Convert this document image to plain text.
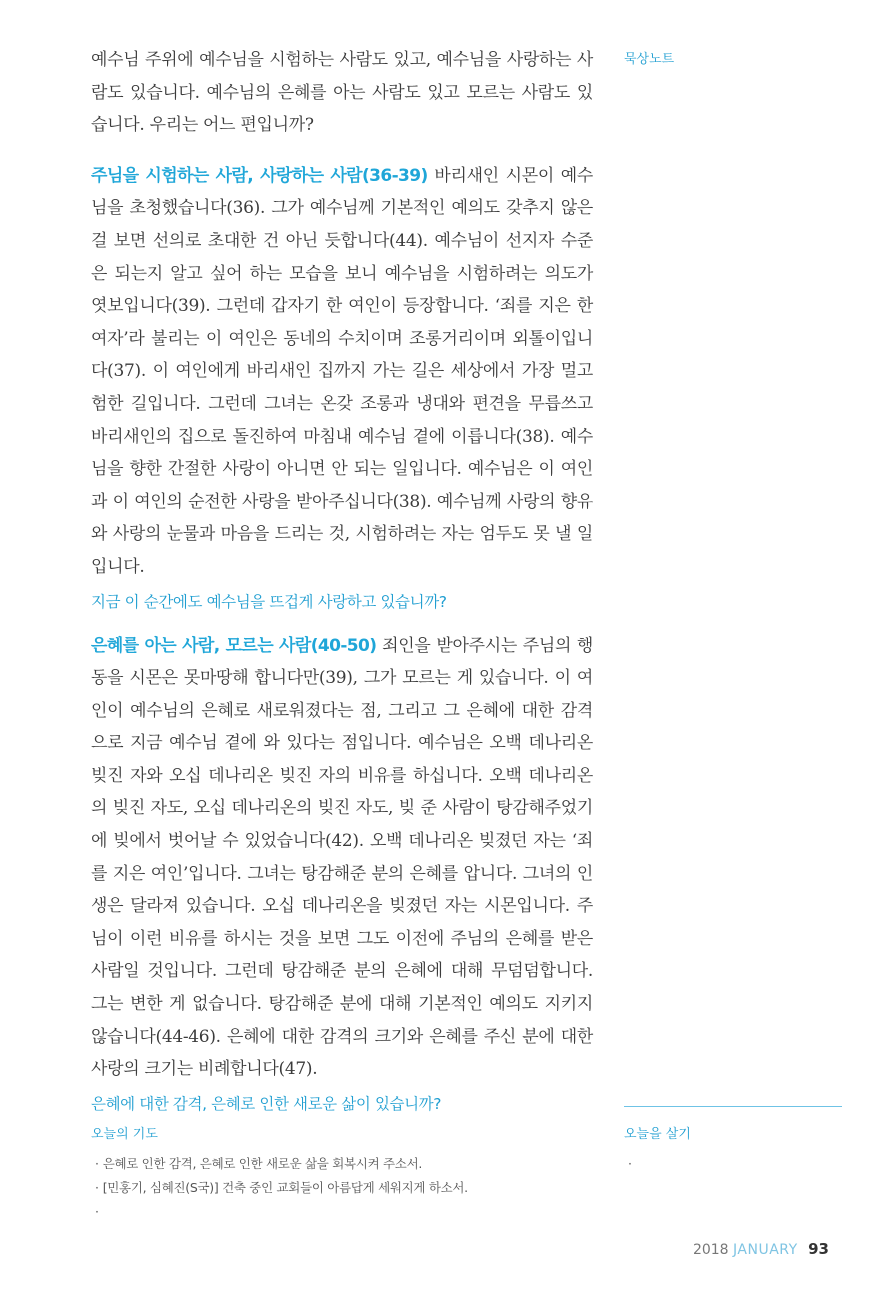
묵상노트

예수님 주위에 예수님을 시험하는 사람도 있고, 예수님을 사랑하는 사람도 있습니다. 예수님의 은혜를 아는 사람도 있고 모르는 사람도 있습니다. 우리는 어느 편입니까?

주님을 시험하는 사람, 사랑하는 사람(36-39) 바리새인 시몬이 예수님을 초청했습니다(36). 그가 예수님께 기본적인 예의도 갖추지 않은 걸 보면 선의로 초대한 건 아닌 듯합니다(44). 예수님이 선지자 수준은 되는지 알고 싶어 하는 모습을 보니 예수님을 시험하려는 의도가 엿보입니다(39). 그런데 갑자기 한 여인이 등장합니다. ‘죄를 지은 한 여자’라 불리는 이 여인은 동네의 수치이며 조롱거리이며 외톨이입니다(37). 이 여인에게 바리새인 집까지 가는 길은 세상에서 가장 멀고 험한 길입니다. 그런데 그녀는 온갖 조롱과 냉대와 편견을 무릅쓰고 바리새인의 집으로 돌진하여 마침내 예수님 곁에 이릅니다(38). 예수님을 향한 간절한 사랑이 아니면 안 되는 일입니다. 예수님은 이 여인과 이 여인의 순전한 사랑을 받아주십니다(38). 예수님께 사랑의 향유와 사랑의 눈물과 마음을 드리는 것, 시험하려는 자는 엄두도 못 낼 일입니다.

지금 이 순간에도 예수님을 뜨겁게 사랑하고 있습니까?

은혜를 아는 사람, 모르는 사람(40-50) 죄인을 받아주시는 주님의 행동을 시몬은 못마땅해 합니다만(39), 그가 모르는 게 있습니다. 이 여인이 예수님의 은혜로 새로워졌다는 점, 그리고 그 은혜에 대한 감격으로 지금 예수님 곁에 와 있다는 점입니다. 예수님은 오백 데나리온 빚진 자와 오십 데나리온 빚진 자의 비유를 하십니다. 오백 데나리온의 빚진 자도, 오십 데나리온의 빚진 자도, 빚 준 사람이 탕감해주었기에 빚에서 벗어날 수 있었습니다(42). 오백 데나리온 빚졌던 자는 ‘죄를 지은 여인’입니다. 그녀는 탕감해준 분의 은혜를 압니다. 그녀의 인생은 달라져 있습니다. 오십 데나리온을 빚졌던 자는 시몬입니다. 주님이 이런 비유를 하시는 것을 보면 그도 이전에 주님의 은혜를 받은 사람일 것입니다. 그런데 탕감해준 분의 은혜에 대해 무덤덤합니다. 그는 변한 게 없습니다. 탕감해준 분에 대해 기본적인 예의도 지키지 않습니다(44-46). 은혜에 대한 감격의 크기와 은혜를 주신 분에 대한 사랑의 크기는 비례합니다(47).

은혜에 대한 감격, 은혜로 인한 새로운 삶이 있습니까?

오늘의 기도

· 은혜로 인한 감격, 은혜로 인한 새로운 삶을 회복시켜 주소서.
· [민홍기, 심혜진(S국)] 건축 중인 교회들이 아름답게 세워지게 하소서.
·

오늘을 살기

·
2018 JANUARY 93
